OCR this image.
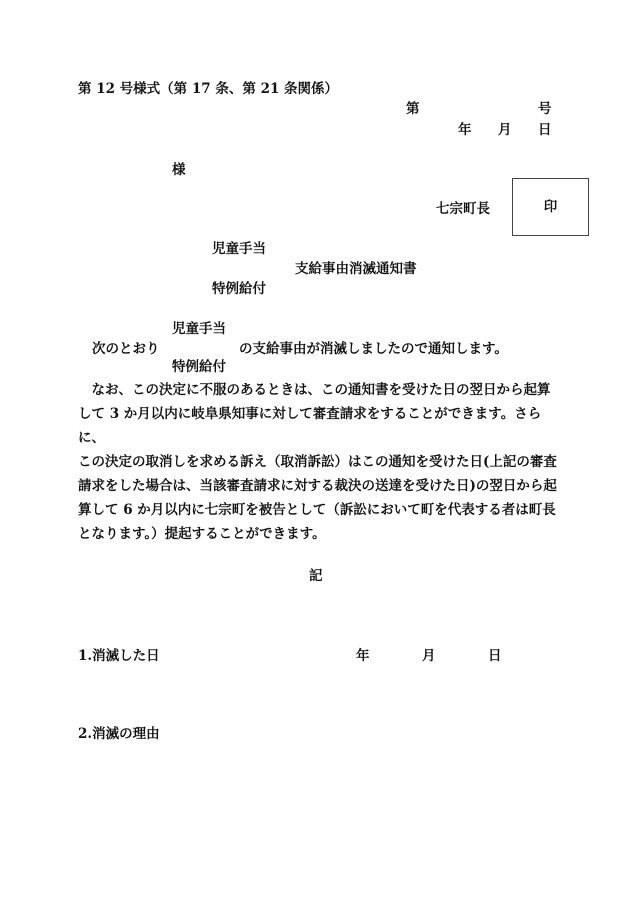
第 12 号様式（第 17 条、第 21 条関係）
第	号
年 月 日
様
七宗町長	印
児童手当
支給事由消滅通知書
特例給付
児童手当
次のとおり	の支給事由が消滅しましたので通知します。
特例給付

　なお、この決定に不服のあるときは、この通知書を受けた日の翌日から起算

して 3 か月以内に岐阜県知事に対して審査請求をすることができます。さらに、

この決定の取消しを求める訴え（取消訴訟）はこの通知を受けた日(上記の審査

請求をした場合は、当該審査請求に対する裁決の送達を受けた日)の翌日から起

算して 6 か月以内に七宗町を被告として（訴訟において町を代表する者は町長

となります。）提起することができます。

記
1.消滅した日	年	月	日
2.消滅の理由
